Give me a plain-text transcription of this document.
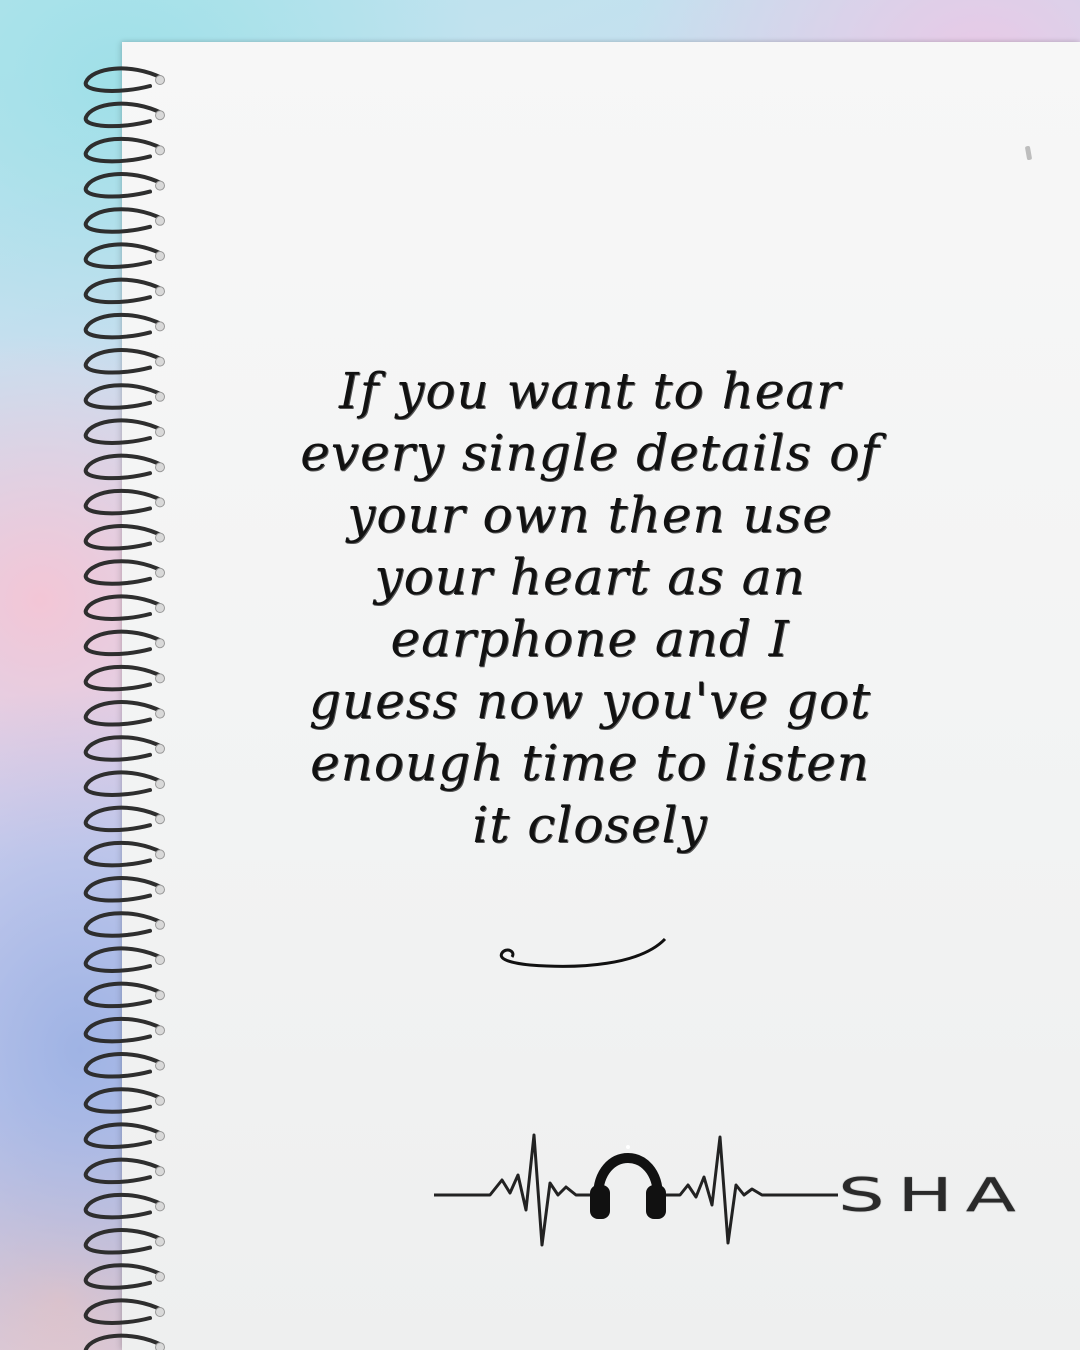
If you want to hear
every single details of
your own then use
your heart as an
earphone and I
guess now you've got
enough time to listen
it closely

SHA
